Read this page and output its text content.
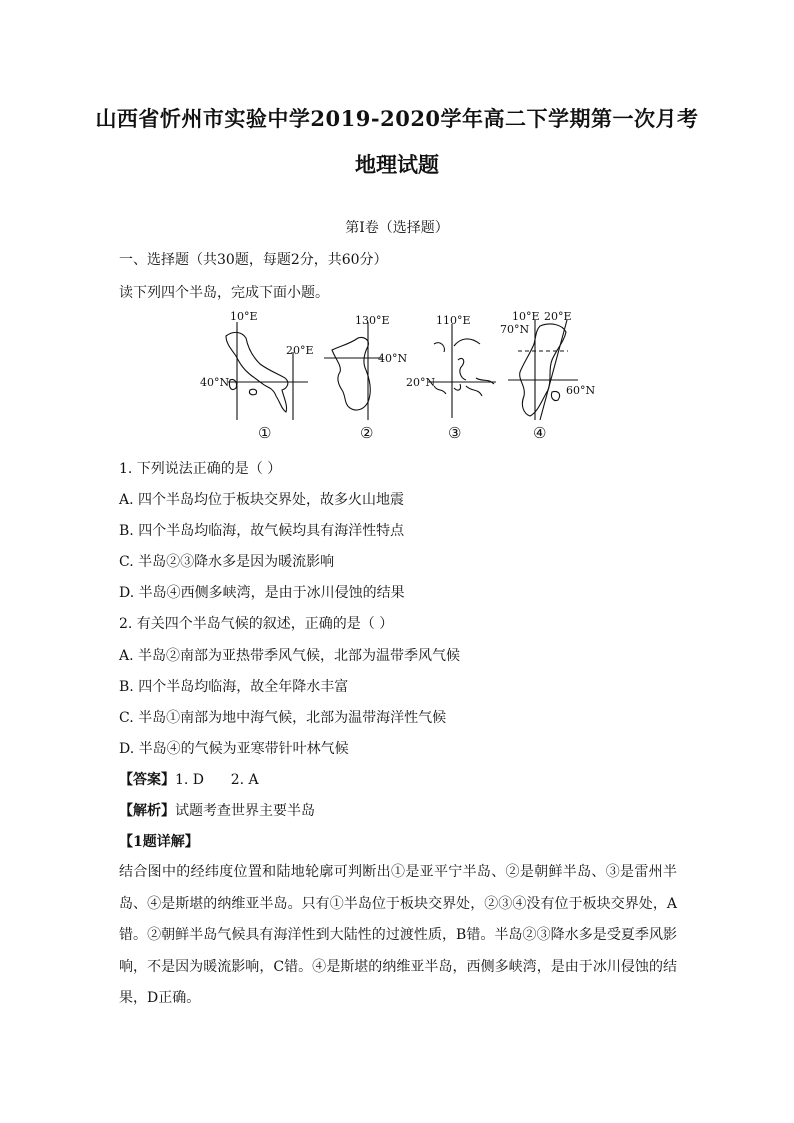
山西省忻州市实验中学2019-2020学年高二下学期第一次月考
地理试题
第I卷（选择题）
一、选择题（共30题，每题2分，共60分）
读下列四个半岛，完成下面小题。
10°E
20°E
40°N
①
130°E
40°N
②
110°E
20°N
③
10°E 20°E
70°N
60°N
④
1. 下列说法正确的是（ ）
A. 四个半岛均位于板块交界处，故多火山地震
B. 四个半岛均临海，故气候均具有海洋性特点
C. 半岛②③降水多是因为暖流影响
D. 半岛④西侧多峡湾，是由于冰川侵蚀的结果
2. 有关四个半岛气候的叙述，正确的是（ ）
A. 半岛②南部为亚热带季风气候，北部为温带季风气候
B. 四个半岛均临海，故全年降水丰富
C. 半岛①南部为地中海气候，北部为温带海洋性气候
D. 半岛④的气候为亚寒带针叶林气候
【答案】1. D      2. A
【解析】试题考查世界主要半岛
【1题详解】
结合图中的经纬度位置和陆地轮廓可判断出①是亚平宁半岛、②是朝鲜半岛、③是雷州半岛、④是斯堪的纳维亚半岛。只有①半岛位于板块交界处，②③④没有位于板块交界处，A错。②朝鲜半岛气候具有海洋性到大陆性的过渡性质，B错。半岛②③降水多是受夏季风影响，不是因为暖流影响，C错。④是斯堪的纳维亚半岛，西侧多峡湾，是由于冰川侵蚀的结果，D正确。
